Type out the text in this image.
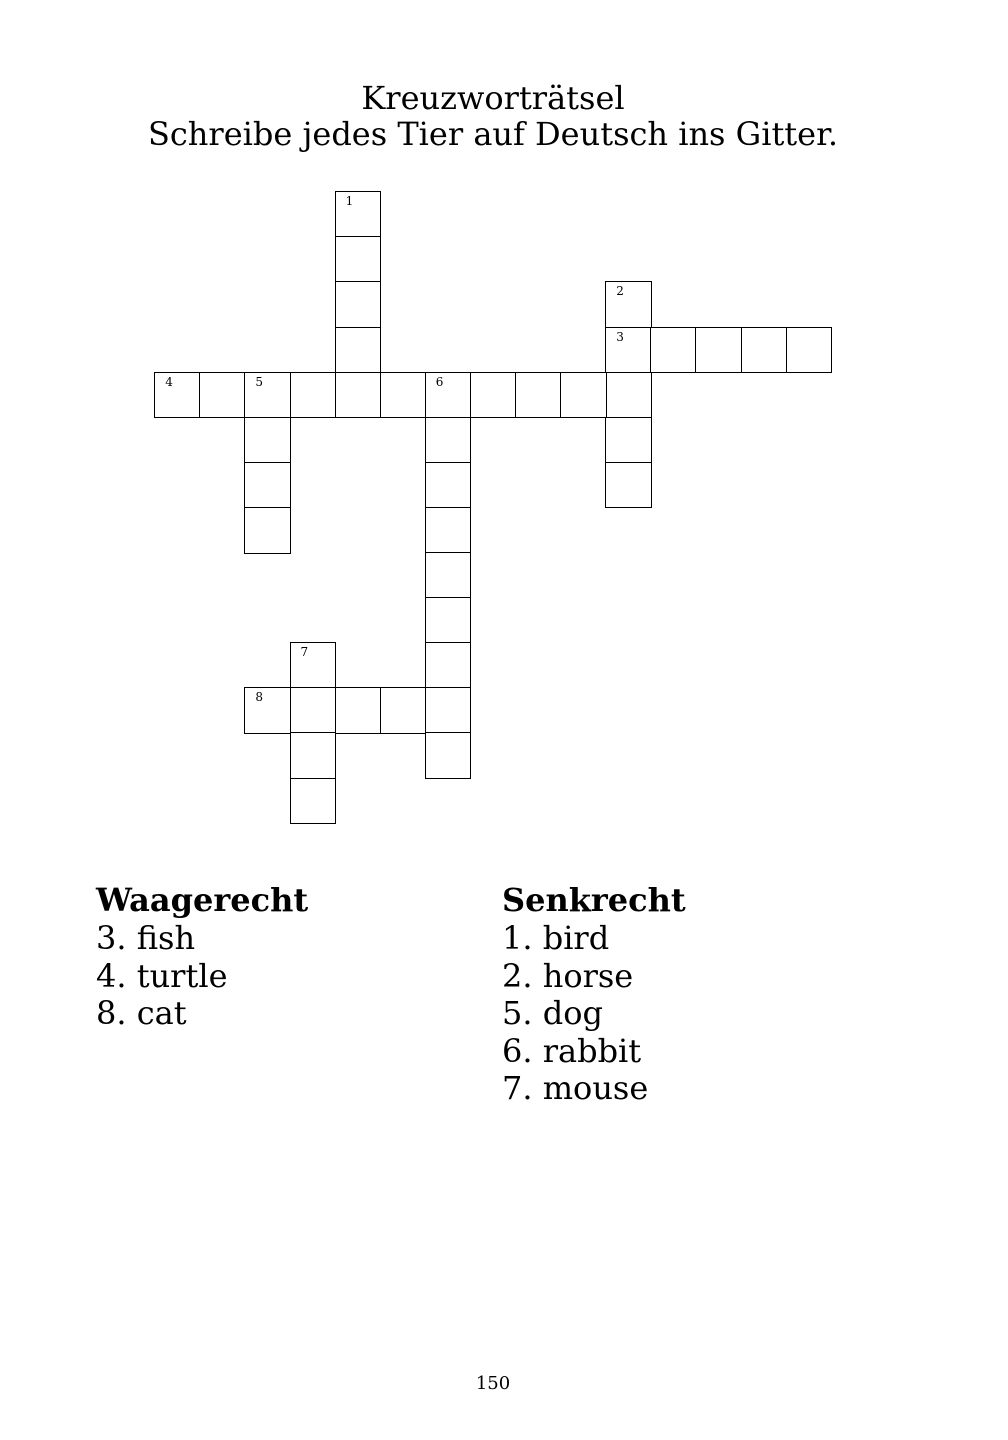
Kreuzworträtsel
Schreibe jedes Tier auf Deutsch ins Gitter.
1
2
3
4	5	6
7
8
Waagerecht
3. fish
4. turtle
8. cat
Senkrecht
1. bird
2. horse
5. dog
6. rabbit
7. mouse
150
